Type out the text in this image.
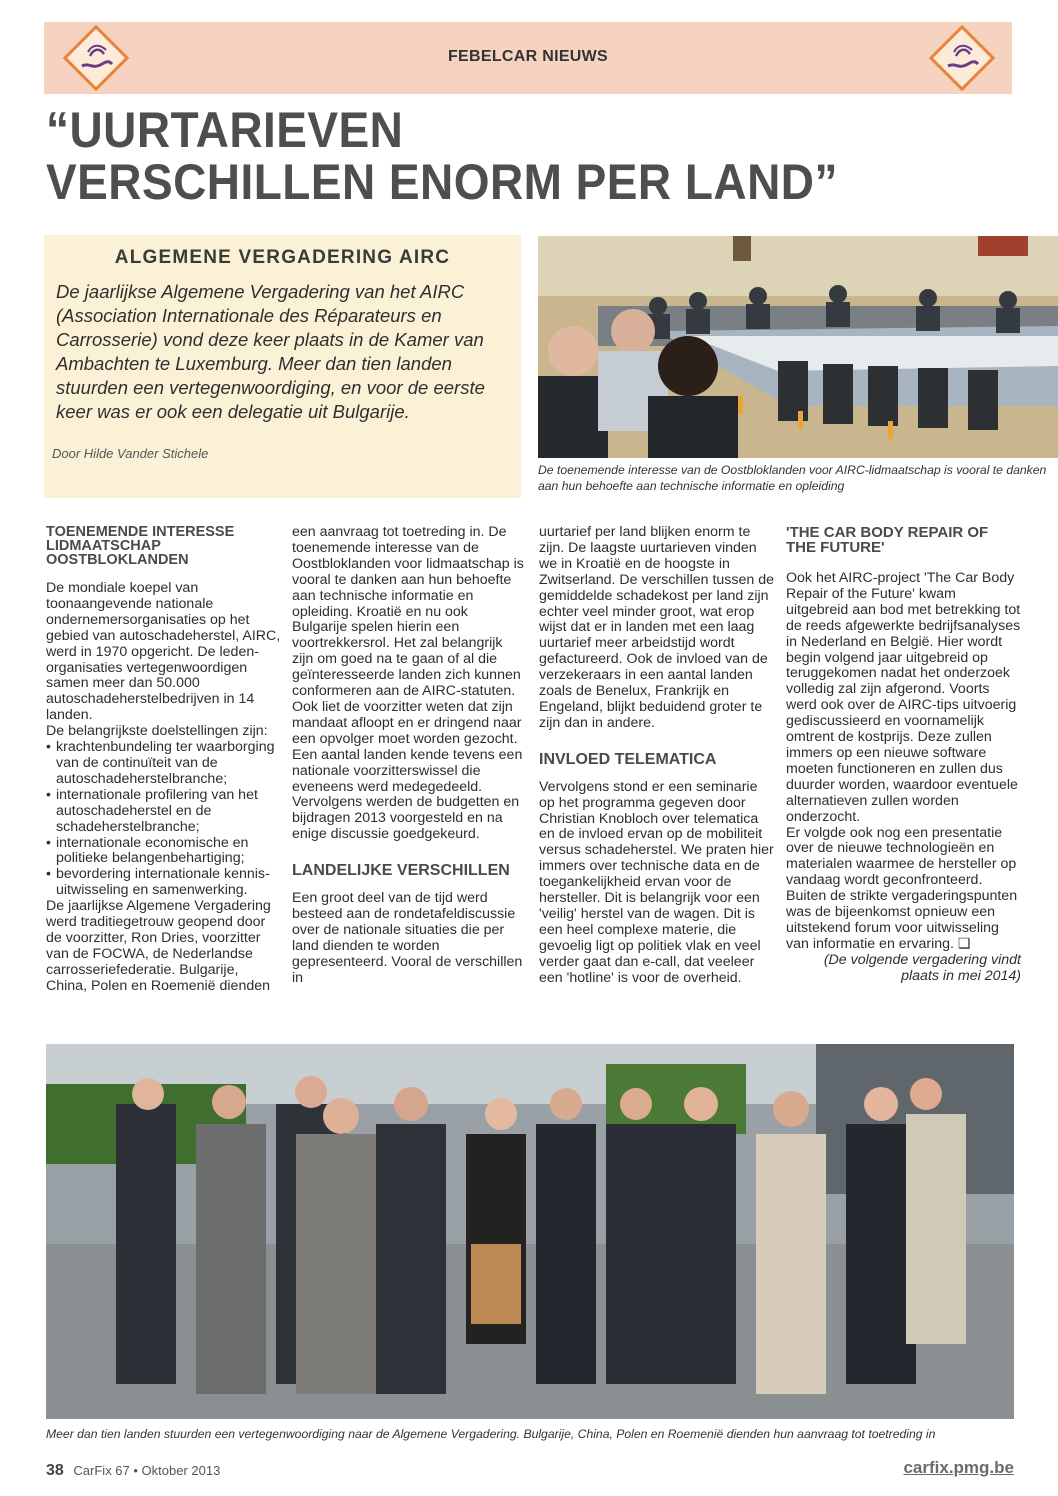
FEBELCAR NIEUWS
“UURTARIEVEN
VERSCHILLEN ENORM PER LAND”
ALGEMENE VERGADERING AIRC
De jaarlijkse Algemene Vergadering van het AIRC (Association Internationale des Réparateurs en Carrosserie) vond deze keer plaats in de Kamer van Ambachten te Luxemburg. Meer dan tien landen stuurden een vertegenwoordiging, en voor de eerste keer was er ook een delegatie uit Bulgarije.
Door Hilde Vander Stichele
De toenemende interesse van de Oostbloklanden voor AIRC-lidmaatschap is vooral te danken aan hun behoefte aan technische informatie en opleiding
TOENEMENDE INTERESSE LIDMAATSCHAP OOSTBLOKLANDEN

De mondiale koepel van toonaangevende nationale ondernemersorganisaties op het gebied van autoschadeherstel, AIRC, werd in 1970 opgericht. De leden-organisaties vertegenwoordigen samen meer dan 50.000 autoschadeherstelbedrijven in 14 landen.

De belangrijkste doelstellingen zijn:

• krachtenbundeling ter waarborging van de continuïteit van de autoschadeherstelbranche;
• internationale profilering van het autoschadeherstel en de schadeherstelbranche;
• internationale economische en politieke belangenbehartiging;
• bevordering internationale kennis-uitwisseling en samenwerking.

De jaarlijkse Algemene Vergadering werd traditiegetrouw geopend door de voorzitter, Ron Dries, voorzitter van de FOCWA, de Nederlandse carrosseriefederatie. Bulgarije, China, Polen en Roemenië dienden

een aanvraag tot toetreding in. De toenemende interesse van de Oostbloklanden voor lidmaatschap is vooral te danken aan hun behoefte aan technische informatie en opleiding. Kroatië en nu ook Bulgarije spelen hierin een voortrekkersrol. Het zal belangrijk zijn om goed na te gaan of al die geïnteresseerde landen zich kunnen conformeren aan de AIRC-statuten. Ook liet de voorzitter weten dat zijn mandaat afloopt en er dringend naar een opvolger moet worden gezocht. Een aantal landen kende tevens een nationale voorzitterswissel die eveneens werd medegedeeld. Vervolgens werden de budgetten en bijdragen 2013 voorgesteld en na enige discussie goedgekeurd.

LANDELIJKE VERSCHILLEN

Een groot deel van de tijd werd besteed aan de rondetafeldiscussie over de nationale situaties die per land dienden te worden gepresenteerd. Vooral de verschillen in

uurtarief per land blijken enorm te zijn. De laagste uurtarieven vinden we in Kroatië en de hoogste in Zwitserland. De verschillen tussen de gemiddelde schadekost per land zijn echter veel minder groot, wat erop wijst dat er in landen met een laag uurtarief meer arbeidstijd wordt gefactureerd. Ook de invloed van de verzekeraars in een aantal landen zoals de Benelux, Frankrijk en Engeland, blijkt beduidend groter te zijn dan in andere.

INVLOED TELEMATICA

Vervolgens stond er een seminarie op het programma gegeven door Christian Knobloch over telematica en de invloed ervan op de mobiliteit versus schadeherstel. We praten hier immers over technische data en de toegankelijkheid ervan voor de hersteller. Dit is belangrijk voor een 'veilig' herstel van de wagen. Dit is een heel complexe materie, die gevoelig ligt op politiek vlak en veel verder gaat dan e-call, dat veeleer een 'hotline' is voor de overheid.

'THE CAR BODY REPAIR OF THE FUTURE'

Ook het AIRC-project 'The Car Body Repair of the Future' kwam uitgebreid aan bod met betrekking tot de reeds afgewerkte bedrijfsanalyses in Nederland en België. Hier wordt begin volgend jaar uitgebreid op teruggekomen nadat het onderzoek volledig zal zijn afgerond. Voorts werd ook over de AIRC-tips uitvoerig gediscussieerd en voornamelijk omtrent de kostprijs. Deze zullen immers op een nieuwe software moeten functioneren en zullen dus duurder worden, waardoor eventuele alternatieven zullen worden onderzocht.

Er volgde ook nog een presentatie over de nieuwe technologieën en materialen waarmee de hersteller op vandaag wordt geconfronteerd. Buiten de strikte vergaderingspunten was de bijeenkomst opnieuw een uitstekend forum voor uitwisseling van informatie en ervaring. ❑

(De volgende vergadering vindt plaats in mei 2014)

Meer dan tien landen stuurden een vertegenwoordiging naar de Algemene Vergadering. Bulgarije, China, Polen en Roemenië dienden hun aanvraag tot toetreding in
38 CarFix 67 • Oktober 2013	carfix.pmg.be
